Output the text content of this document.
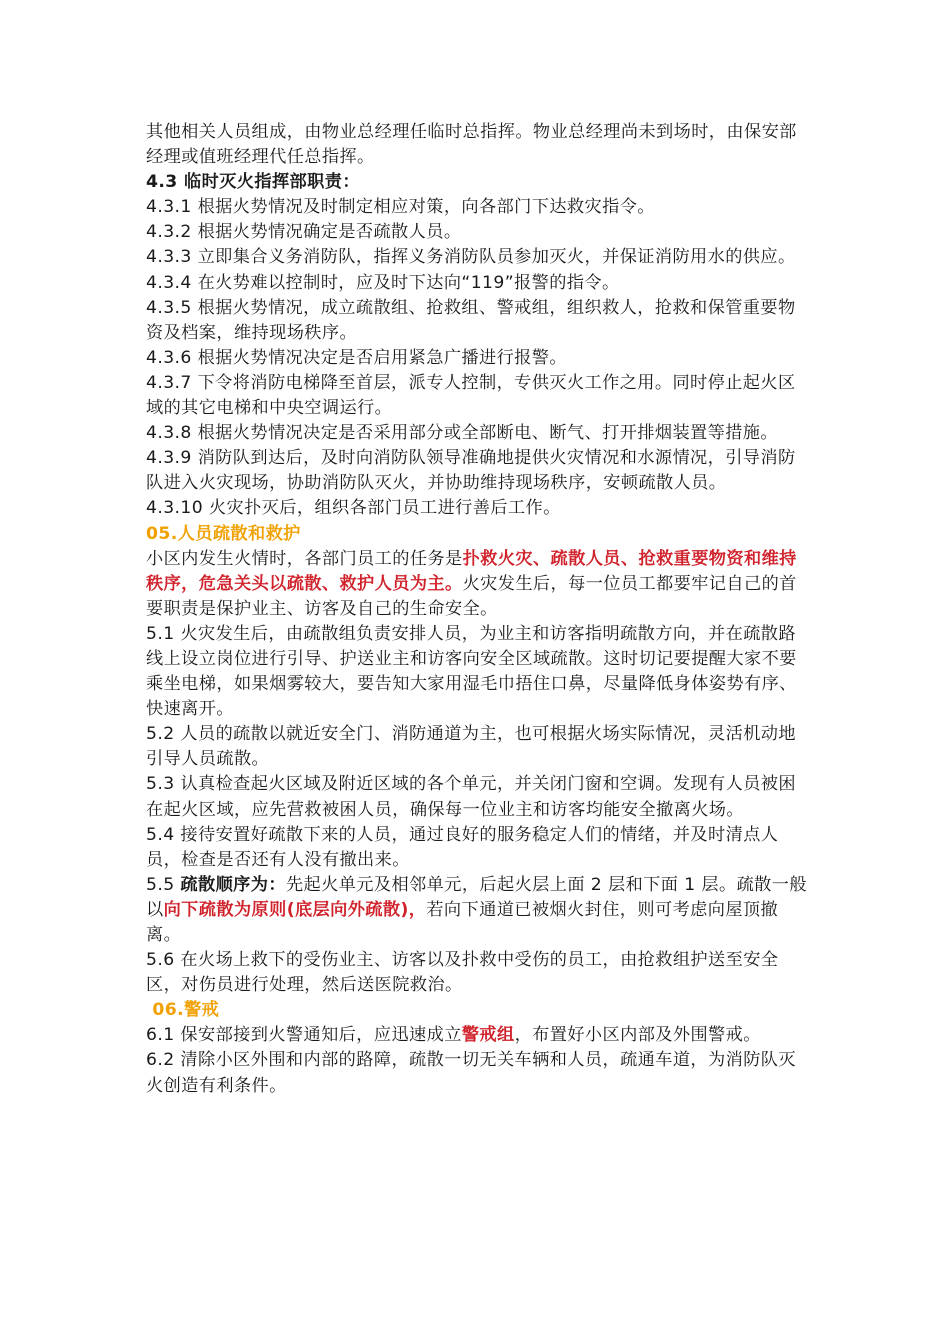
其他相关人员组成，由物业总经理任临时总指挥。物业总经理尚未到场时，由保安部经理或值班经理代任总指挥。

4.3 临时灭火指挥部职责：

4.3.1 根据火势情况及时制定相应对策，向各部门下达救灾指令。

4.3.2 根据火势情况确定是否疏散人员。

4.3.3 立即集合义务消防队，指挥义务消防队员参加灭火，并保证消防用水的供应。

4.3.4 在火势难以控制时，应及时下达向“119”报警的指令。

4.3.5 根据火势情况，成立疏散组、抢救组、警戒组，组织救人，抢救和保管重要物资及档案，维持现场秩序。

4.3.6 根据火势情况决定是否启用紧急广播进行报警。

4.3.7 下令将消防电梯降至首层，派专人控制，专供灭火工作之用。同时停止起火区域的其它电梯和中央空调运行。

4.3.8 根据火势情况决定是否采用部分或全部断电、断气、打开排烟装置等措施。

4.3.9 消防队到达后，及时向消防队领导准确地提供火灾情况和水源情况，引导消防队进入火灾现场，协助消防队灭火，并协助维持现场秩序，安顿疏散人员。

4.3.10 火灾扑灭后，组织各部门员工进行善后工作。

05.人员疏散和救护

小区内发生火情时，各部门员工的任务是扑救火灾、疏散人员、抢救重要物资和维持秩序，危急关头以疏散、救护人员为主。火灾发生后，每一位员工都要牢记自己的首要职责是保护业主、访客及自己的生命安全。

5.1 火灾发生后，由疏散组负责安排人员，为业主和访客指明疏散方向，并在疏散路线上设立岗位进行引导、护送业主和访客向安全区域疏散。这时切记要提醒大家不要乘坐电梯，如果烟雾较大，要告知大家用湿毛巾捂住口鼻，尽量降低身体姿势有序、快速离开。

5.2 人员的疏散以就近安全门、消防通道为主，也可根据火场实际情况，灵活机动地引导人员疏散。

5.3 认真检查起火区域及附近区域的各个单元，并关闭门窗和空调。发现有人员被困在起火区域，应先营救被困人员，确保每一位业主和访客均能安全撤离火场。

5.4 接待安置好疏散下来的人员，通过良好的服务稳定人们的情绪，并及时清点人员，检查是否还有人没有撤出来。

5.5 疏散顺序为：先起火单元及相邻单元，后起火层上面 2 层和下面 1 层。疏散一般以向下疏散为原则(底层向外疏散)，若向下通道已被烟火封住，则可考虑向屋顶撤离。

5.6 在火场上救下的受伤业主、访客以及扑救中受伤的员工，由抢救组护送至安全区，对伤员进行处理，然后送医院救治。

06.警戒

6.1 保安部接到火警通知后，应迅速成立警戒组，布置好小区内部及外围警戒。

6.2 清除小区外围和内部的路障，疏散一切无关车辆和人员，疏通车道，为消防队灭火创造有利条件。
